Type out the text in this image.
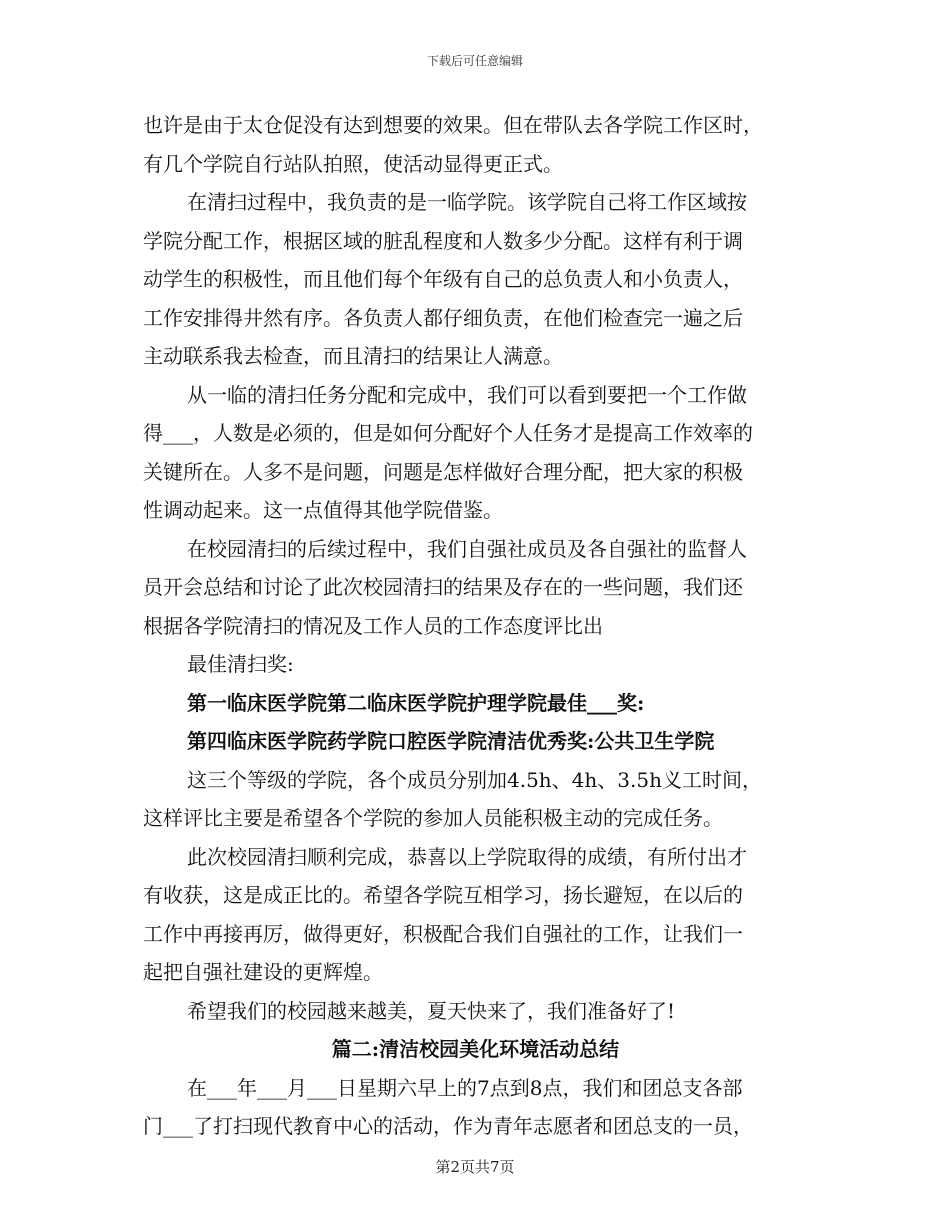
下载后可任意编辑

也许是由于太仓促没有达到想要的效果。但在带队去各学院工作区时，

有几个学院自行站队拍照，使活动显得更正式。

在清扫过程中，我负责的是一临学院。该学院自己将工作区域按

学院分配工作，根据区域的脏乱程度和人数多少分配。这样有利于调

动学生的积极性，而且他们每个年级有自己的总负责人和小负责人，

工作安排得井然有序。各负责人都仔细负责，在他们检查完一遍之后

主动联系我去检查，而且清扫的结果让人满意。

从一临的清扫任务分配和完成中，我们可以看到要把一个工作做

得___，人数是必须的，但是如何分配好个人任务才是提高工作效率的

关键所在。人多不是问题，问题是怎样做好合理分配，把大家的积极

性调动起来。这一点值得其他学院借鉴。

在校园清扫的后续过程中，我们自强社成员及各自强社的监督人

员开会总结和讨论了此次校园清扫的结果及存在的一些问题，我们还

根据各学院清扫的情况及工作人员的工作态度评比出

最佳清扫奖:

第一临床医学院第二临床医学院护理学院最佳___奖:

第四临床医学院药学院口腔医学院清洁优秀奖:公共卫生学院

这三个等级的学院，各个成员分别加4.5h、4h、3.5h义工时间，

这样评比主要是希望各个学院的参加人员能积极主动的完成任务。

此次校园清扫顺利完成，恭喜以上学院取得的成绩，有所付出才

有收获，这是成正比的。希望各学院互相学习，扬长避短，在以后的

工作中再接再厉，做得更好，积极配合我们自强社的工作，让我们一

起把自强社建设的更辉煌。

希望我们的校园越来越美，夏天快来了，我们准备好了!

篇二:清洁校园美化环境活动总结

在___年___月___日星期六早上的7点到8点，我们和团总支各部

门___了打扫现代教育中心的活动，作为青年志愿者和团总支的一员，

第2页共7页
